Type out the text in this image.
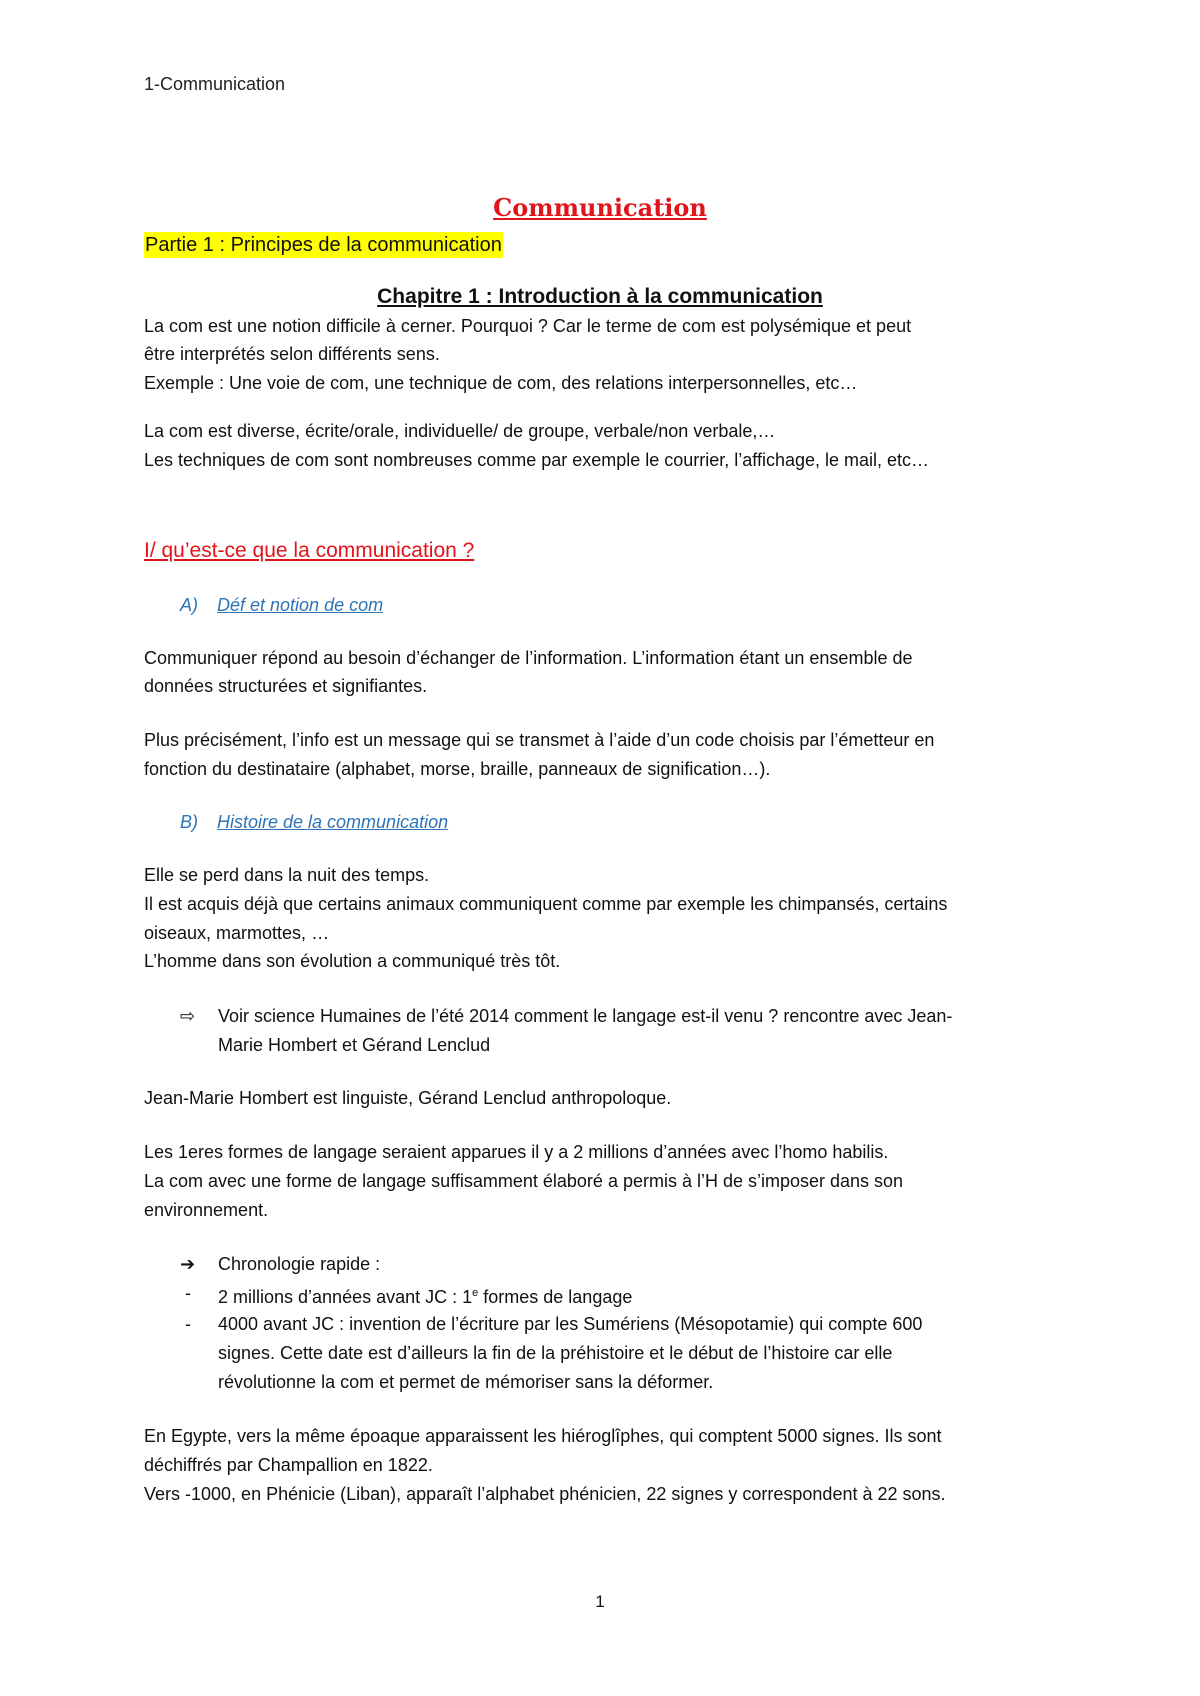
1-Communication
Communication
Partie 1 : Principes de la communication
Chapitre 1 : Introduction à la communication
La com est une notion difficile à cerner. Pourquoi ? Car le terme de com est polysémique et peut
être interprétés selon différents sens.
Exemple : Une voie de com, une technique de com, des relations interpersonnelles, etc…
La com est diverse, écrite/orale, individuelle/ de groupe, verbale/non verbale,…
Les techniques de com sont nombreuses comme par exemple le courrier, l’affichage, le mail, etc…
I/ qu’est-ce que la communication ?
A) Déf et notion de com
Communiquer répond au besoin d’échanger de l’information. L’information étant un ensemble de
données structurées et signifiantes.
Plus précisément, l’info est un message qui se transmet à l’aide d’un code choisis par l’émetteur en
fonction du destinataire (alphabet, morse, braille, panneaux de signification…).
B) Histoire de la communication
Elle se perd dans la nuit des temps.
Il est acquis déjà que certains animaux communiquent comme par exemple les chimpansés, certains
oiseaux, marmottes, …
L’homme dans son évolution a communiqué très tôt.
⇨ Voir science Humaines de l’été 2014 comment le langage est-il venu ? rencontre avec Jean-
Marie Hombert et Gérand Lenclud
Jean-Marie Hombert est linguiste, Gérand Lenclud anthropoloque.
Les 1eres formes de langage seraient apparues il y a 2 millions d’années avec l’homo habilis.
La com avec une forme de langage suffisamment élaboré a permis à l’H de s’imposer dans son
environnement.
➔ Chronologie rapide :
- 2 millions d’années avant JC : 1e formes de langage
- 4000 avant JC : invention de l’écriture par les Sumériens (Mésopotamie) qui compte 600
signes. Cette date est d’ailleurs la fin de la préhistoire et le début de l’histoire car elle
révolutionne la com et permet de mémoriser sans la déformer.
En Egypte, vers la même époaque apparaissent les hiéroglîphes, qui comptent 5000 signes. Ils sont
déchiffrés par Champallion en 1822.
Vers -1000, en Phénicie (Liban), apparaît l’alphabet phénicien, 22 signes y correspondent à 22 sons.
1
